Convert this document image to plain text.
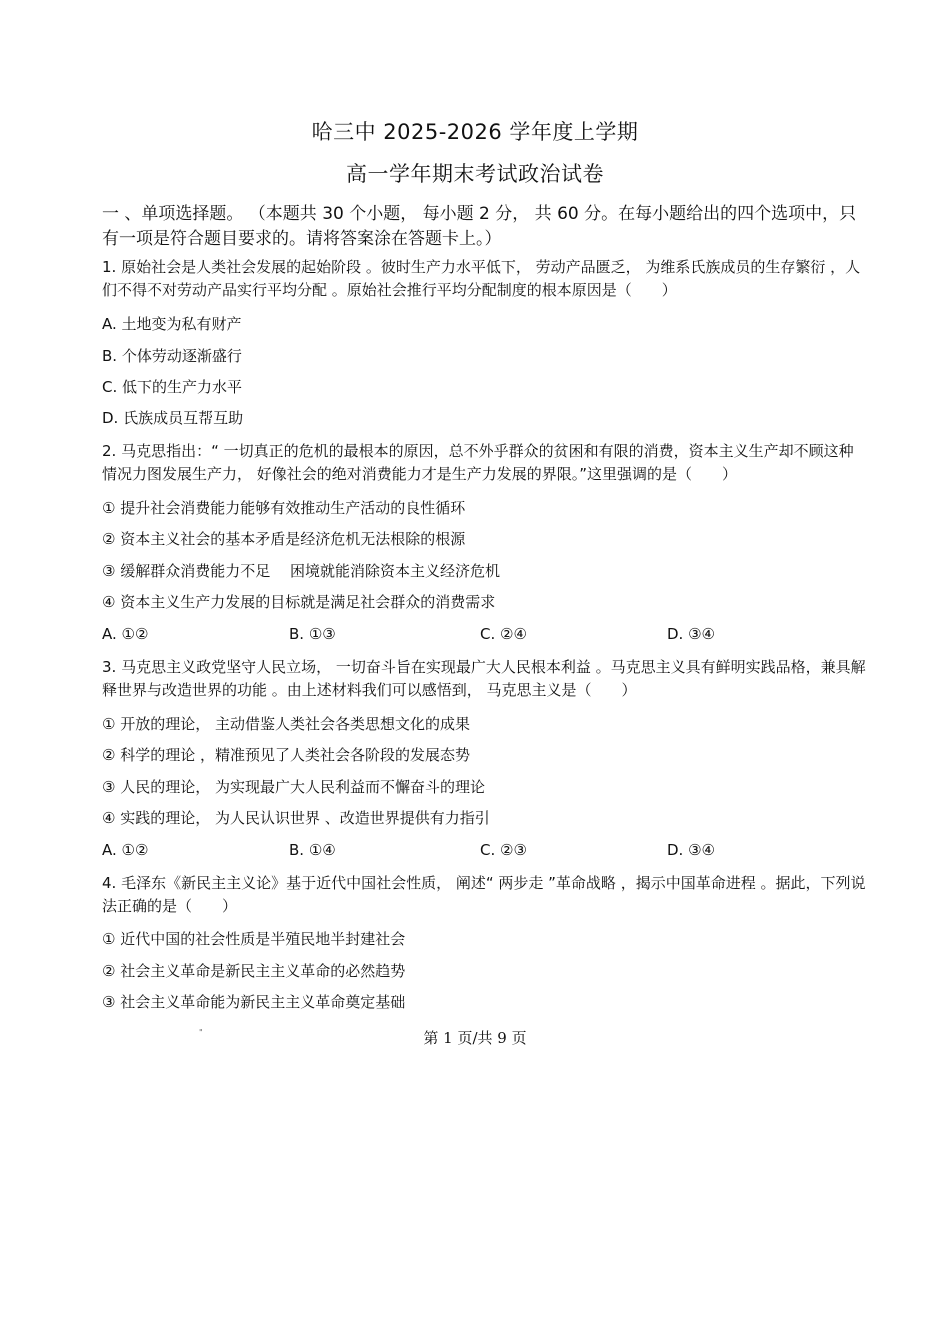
哈三中 2025-2026 学年度上学期
高一学年期末考试政治试卷
一 、单项选择题。 （本题共 30 个小题， 每小题 2 分， 共 60 分。在每小题给出的四个选项中，只有一项是符合题目要求的。请将答案涂在答题卡上。）

1. 原始社会是人类社会发展的起始阶段 。彼时生产力水平低下， 劳动产品匮乏， 为维系氏族成员的生存繁衍 ，人们不得不对劳动产品实行平均分配 。原始社会推行平均分配制度的根本原因是（　　）

A. 土地变为私有财产
B. 个体劳动逐渐盛行
C. 低下的生产力水平
D. 氏族成员互帮互助

2. 马克思指出：“ 一切真正的危机的最根本的原因，总不外乎群众的贫困和有限的消费，资本主义生产却不顾这种情况力图发展生产力， 好像社会的绝对消费能力才是生产力发展的界限。”这里强调的是（　　）

① 提升社会消费能力能够有效推动生产活动的良性循环
② 资本主义社会的基本矛盾是经济危机无法根除的根源
③ 缓解群众消费能力不足 　困境就能消除资本主义经济危机
④ 资本主义生产力发展的目标就是满足社会群众的消费需求
A. ①②	B. ①③	C. ②④	D. ③④

3. 马克思主义政党坚守人民立场， 一切奋斗旨在实现最广大人民根本利益 。马克思主义具有鲜明实践品格，兼具解释世界与改造世界的功能 。由上述材料我们可以感悟到， 马克思主义是（　　）

① 开放的理论， 主动借鉴人类社会各类思想文化的成果
② 科学的理论 ，精准预见了人类社会各阶段的发展态势
③ 人民的理论， 为实现最广大人民利益而不懈奋斗的理论
④ 实践的理论， 为人民认识世界 、改造世界提供有力指引
A. ①②	B. ①④	C. ②③	D. ③④

4. 毛泽东《新民主主义论》基于近代中国社会性质， 阐述“ 两步走 ”革命战略 ，揭示中国革命进程 。据此，下列说法正确的是（　　）

① 近代中国的社会性质是半殖民地半封建社会
② 社会主义革命是新民主主义革命的必然趋势
③ 社会主义革命能为新民主主义革命奠定基础
"	第 1 页/共 9 页
